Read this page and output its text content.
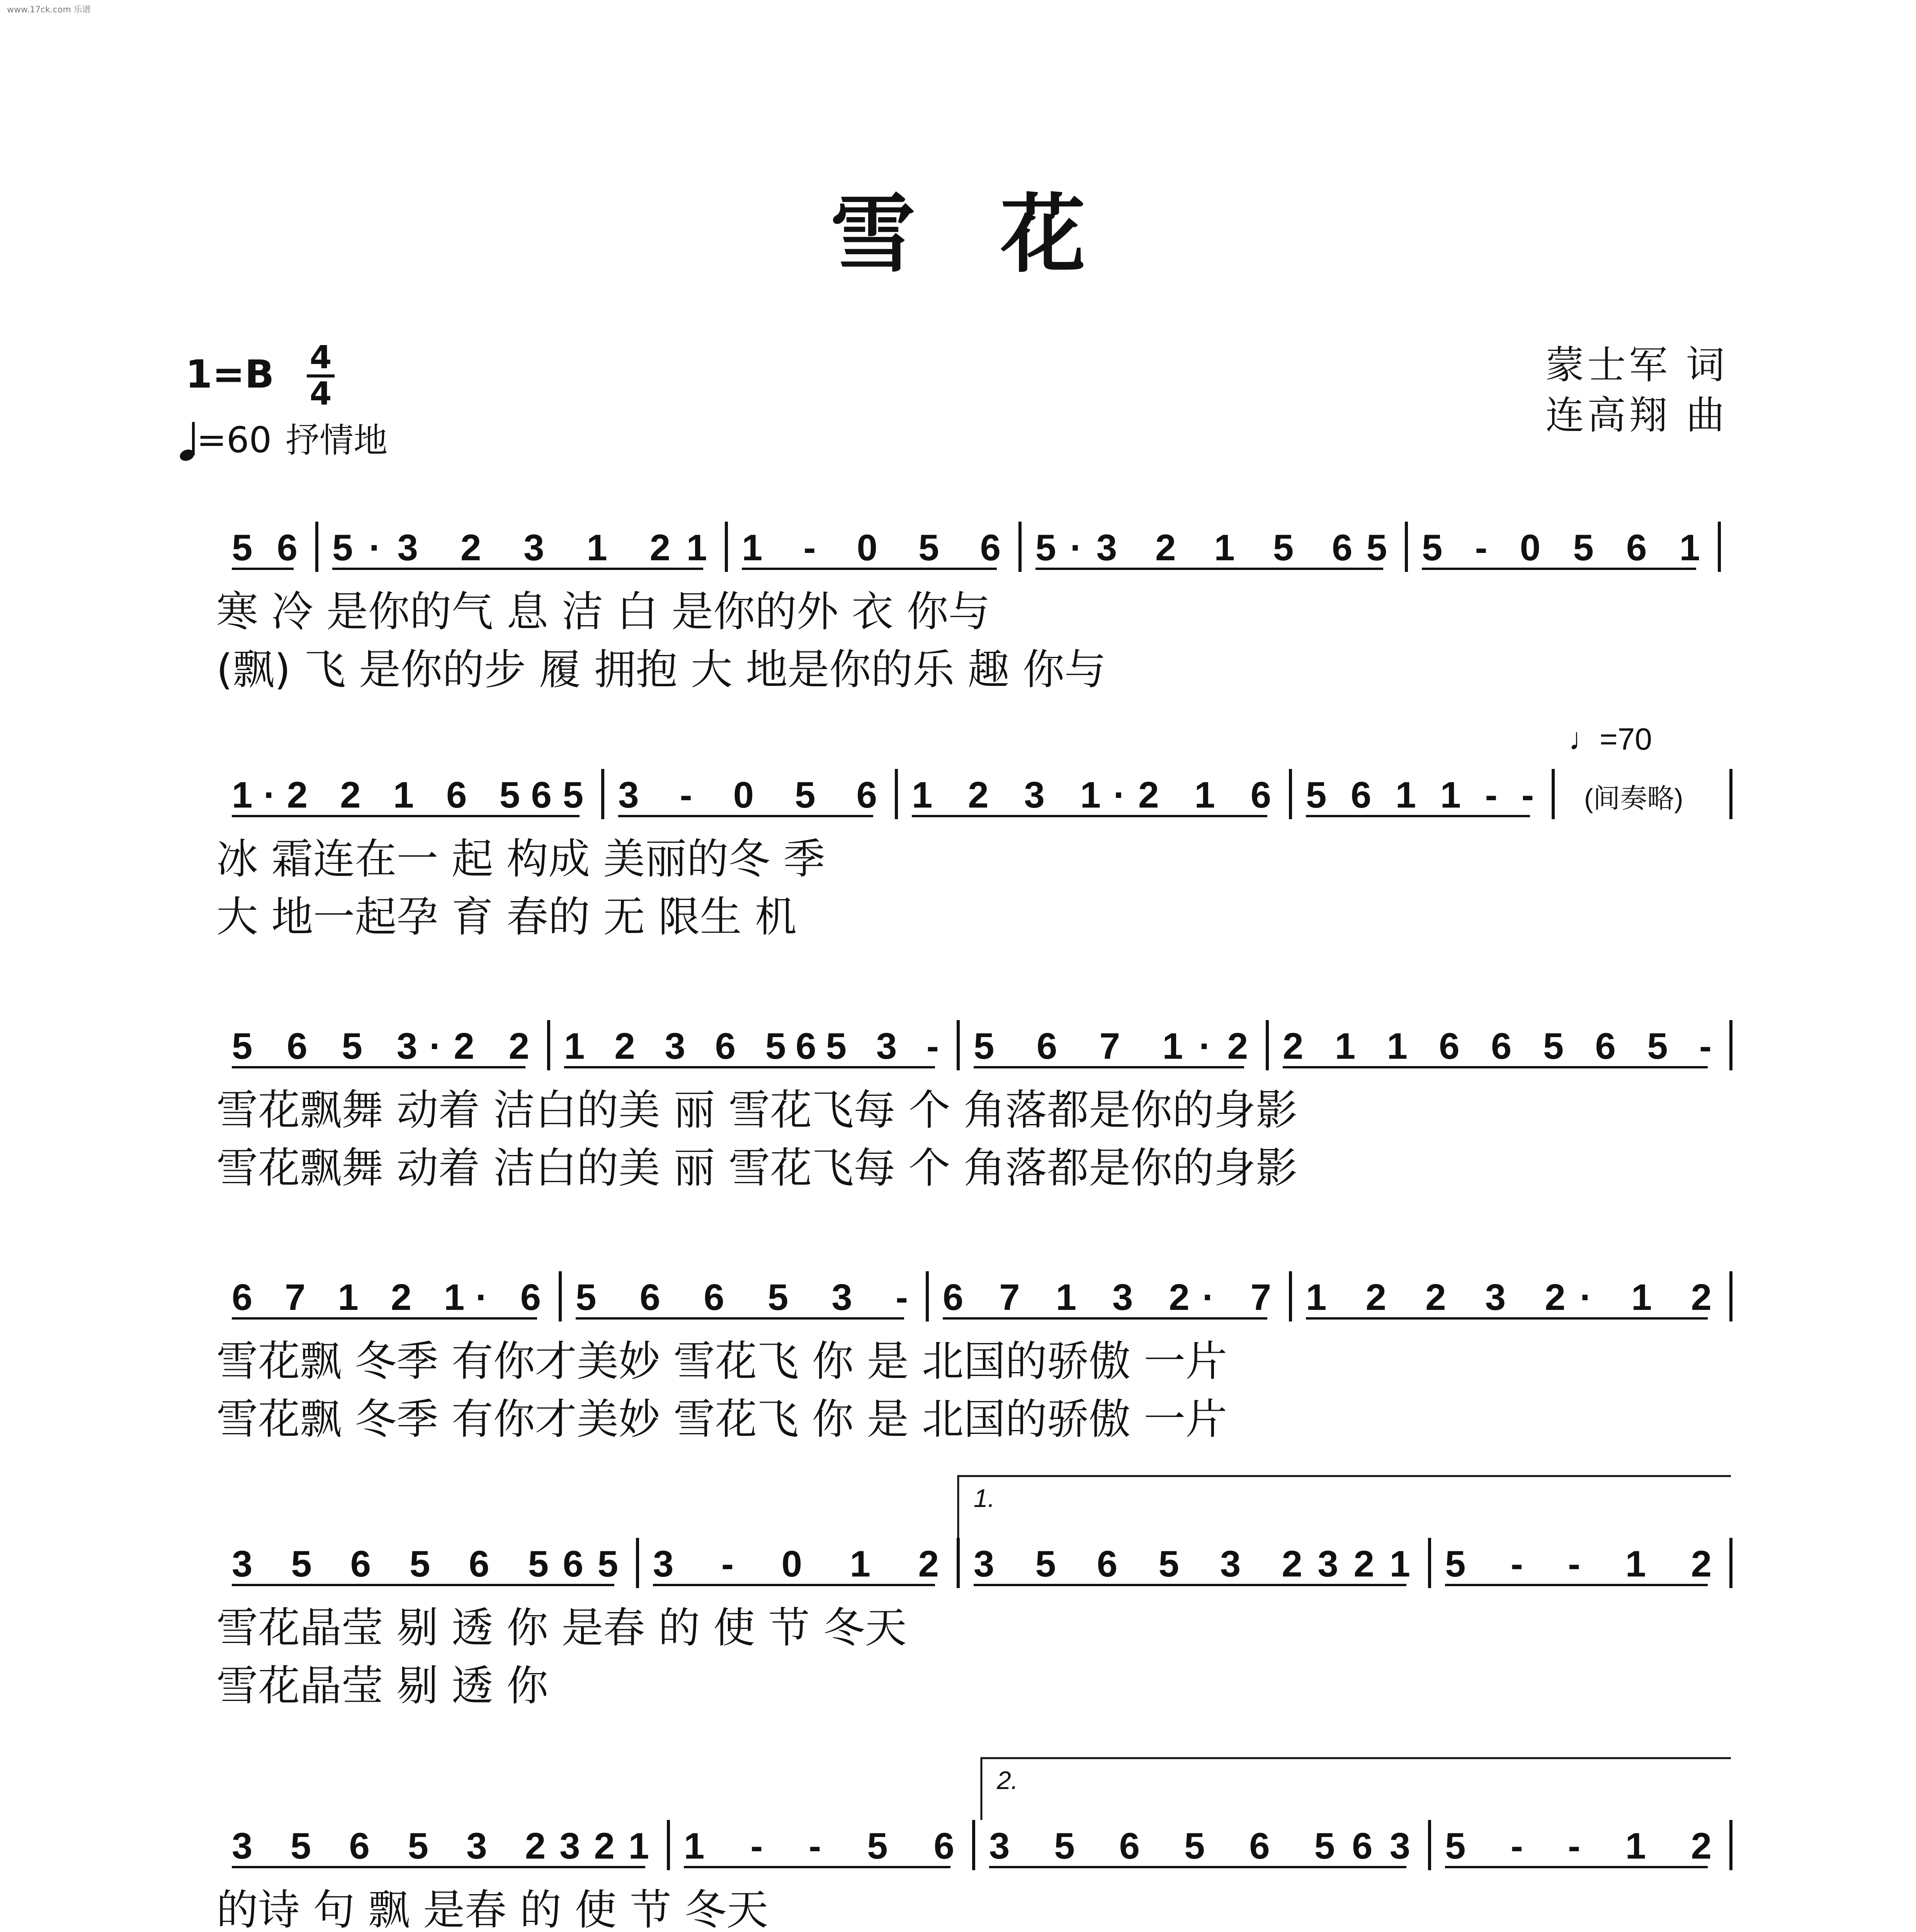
www.17ck.com 乐谱
雪花
1=B 4
4
=60 抒情地
蒙士军 词
连高翔 曲
5 6 5·3 2 3 1 21 1 - 0 5 6 5·3 2 1 5 65 5 - 0 5 6 1
寒 冷 是你的气 息 洁 白 是你的外 衣 你与
(飘) 飞 是你的步 履 拥抱 大 地是你的乐 趣 你与
1·2 2 1 6 565 3 - 0 5 6 1 2 3 1·2 1 6 5 6 1 1 - -
冰 霜连在一 起 构成 美丽的冬 季
大 地一起孕 育 春的 无 限生 机
♩=70
(间奏略)
5 6 5 3·2 2 1 2 3 6 565 3 - 5 6 7 1·2 2 1 1 6 6 5 6 5 -
雪花飘舞 动着 洁白的美 丽 雪花飞每 个 角落都是你的身影
雪花飘舞 动着 洁白的美 丽 雪花飞每 个 角落都是你的身影
6 7 1 2 1· 6 5 6 6 5 3 - 6 7 1 3 2· 7 1 2 2 3 2· 1 2
雪花飘 冬季 有你才美妙 雪花飞 你 是 北国的骄傲 一片
雪花飘 冬季 有你才美妙 雪花飞 你 是 北国的骄傲 一片
3 5 6 5 6 565 3 - 0 1 2 3 5 6 5 3 2321 5 - - 1 2
雪花晶莹 剔 透 你 是春 的 使 节 冬天
雪花晶莹 剔 透 你
1.
3 5 6 5 3 2321 1 - - 5 6 3 5 6 5 6 563 5 - - 1 2
的诗 句 飘 是春 的 使 节 冬天
2.
